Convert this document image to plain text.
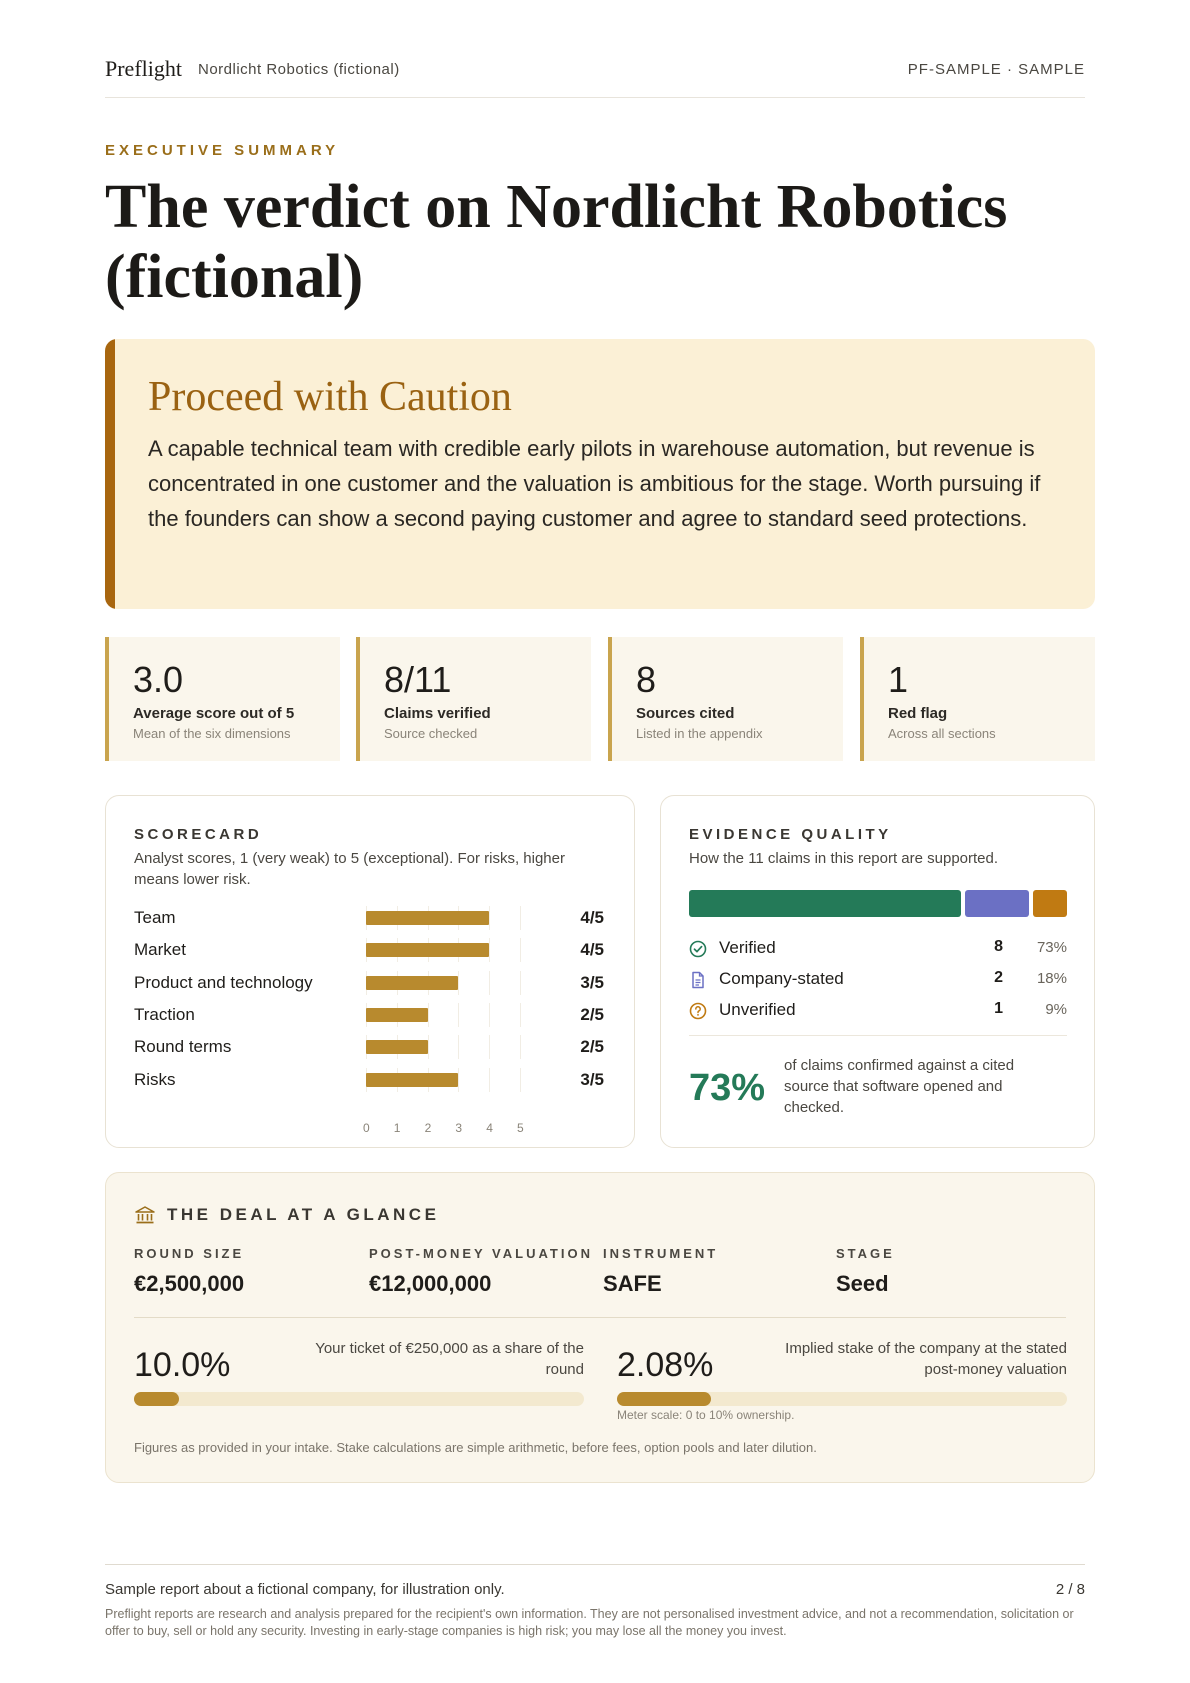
Preflight Nordlicht Robotics (fictional)	PF-SAMPLE · SAMPLE
EXECUTIVE SUMMARY
The verdict on Nordlicht Robotics (fictional)
Proceed with Caution

A capable technical team with credible early pilots in warehouse automation, but revenue is concentrated in one customer and the valuation is ambitious for the stage. Worth pursuing if the founders can show a second paying customer and agree to standard seed protections.

3.0
Average score out of 5
Mean of the six dimensions
8/11
Claims verified
Source checked
8
Sources cited
Listed in the appendix
1
Red flag
Across all sections
SCORECARD
Analyst scores, 1 (very weak) to 5 (exceptional). For risks, higher means lower risk.
Team	4/5
Market	4/5
Product and technology	3/5
Traction	2/5
Round terms	2/5
Risks	3/5
0 1 2 3 4 5
EVIDENCE QUALITY
How the 11 claims in this report are supported.
Verified	8 73%
Company-stated	2 18%
Unverified	1	9%
73%
of claims confirmed against a cited source that software opened and checked.
THE DEAL AT A GLANCE
ROUND SIZE
€2,500,000
POST-MONEY VALUATION
€12,000,000
INSTRUMENT
SAFE
STAGE
Seed
10.0%	Your ticket of €250,000 as a share of the round 2.08%	Implied stake of the company at the stated post-money valuation
Meter scale: 0 to 10% ownership.
Figures as provided in your intake. Stake calculations are simple arithmetic, before fees, option pools and later dilution.
Sample report about a fictional company, for illustration only.	2 / 8

Preflight reports are research and analysis prepared for the recipient's own information. They are not personalised investment advice, and not a recommendation, solicitation or offer to buy, sell or hold any security. Investing in early-stage companies is high risk; you may lose all the money you invest.
